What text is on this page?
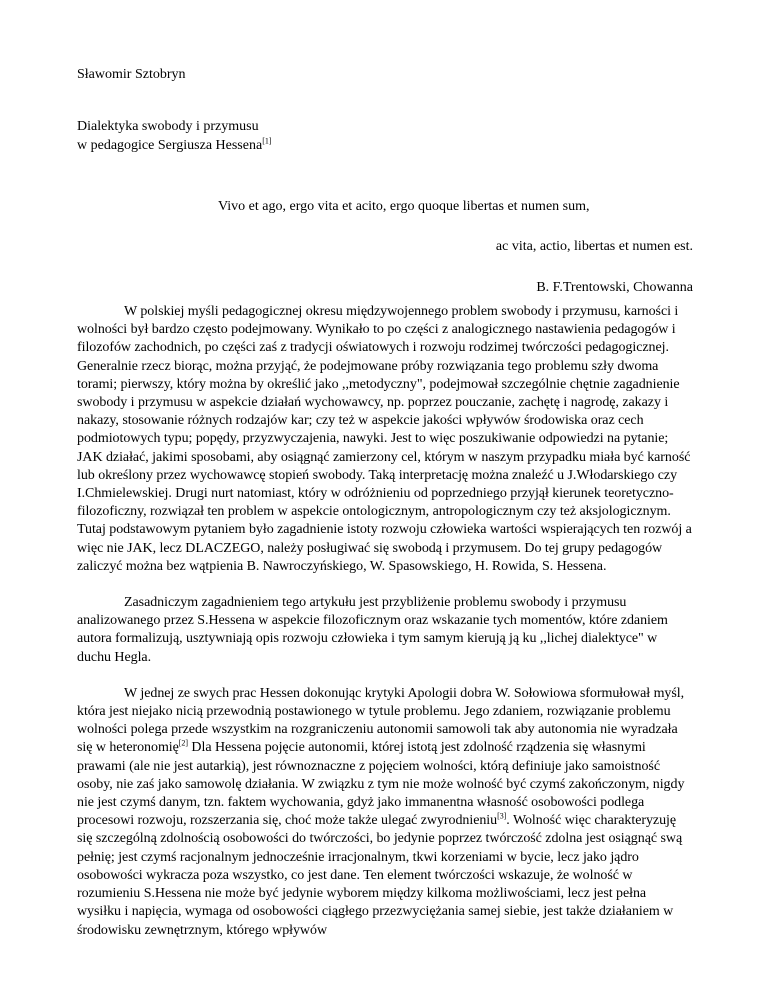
Sławomir Sztobryn

Dialektyka swobody i przymusu
w pedagogice Sergiusza Hessena[1]
Vivo et ago, ergo vita et acito, ergo quoque libertas et numen sum,
ac vita, actio, libertas et numen est.
B. F.Trentowski, Chowanna

W polskiej myśli pedagogicznej okresu międzywojennego problem swobody i przymusu, karności i wolności był bardzo często podejmowany. Wynikało to po części z analogicznego nastawienia pedagogów i filozofów zachodnich, po części zaś z tradycji oświatowych i rozwoju rodzimej twórczości pedagogicznej. Generalnie rzecz biorąc, można przyjąć, że podejmowane próby rozwiązania tego problemu szły dwoma torami; pierwszy, który można by określić jako ,,metodyczny", podejmował szczególnie chętnie zagadnienie swobody i przymusu w aspekcie działań wychowawcy, np. poprzez pouczanie, zachętę i nagrodę, zakazy i nakazy, stosowanie różnych rodzajów kar; czy też w aspekcie jakości wpływów środowiska oraz cech podmiotowych typu; popędy, przyzwyczajenia, nawyki. Jest to więc poszukiwanie odpowiedzi na pytanie; JAK działać, jakimi sposobami, aby osiągnąć zamierzony cel, którym w naszym przypadku miała być karność lub określony przez wychowawcę stopień swobody. Taką interpretację można znaleźć u J.Włodarskiego czy I.Chmielewskiej. Drugi nurt natomiast, który w odróżnieniu od poprzedniego przyjął kierunek teoretyczno-filozoficzny, rozwiązał ten problem w aspekcie ontologicznym, antropologicznym czy też aksjologicznym. Tutaj podstawowym pytaniem było zagadnienie istoty rozwoju człowieka wartości wspierających ten rozwój a więc nie JAK, lecz DLACZEGO, należy posługiwać się swobodą i przymusem. Do tej grupy pedagogów zaliczyć można bez wątpienia B. Nawroczyńskiego, W. Spasowskiego, H. Rowida, S. Hessena.

Zasadniczym zagadnieniem tego artykułu jest przybliżenie problemu swobody i przymusu analizowanego przez S.Hessena w aspekcie filozoficznym oraz wskazanie tych momentów, które zdaniem autora formalizują, usztywniają opis rozwoju człowieka i tym samym kierują ją ku ,,lichej dialektyce" w duchu Hegla.

W jednej ze swych prac Hessen dokonując krytyki Apologii dobra W. Sołowiowa sformułował myśl, która jest niejako nicią przewodnią postawionego w tytule problemu. Jego zdaniem, rozwiązanie problemu wolności polega przede wszystkim na rozgraniczeniu autonomii samowoli tak aby autonomia nie wyradzała się w heteronomię[2] Dla Hessena pojęcie autonomii, której istotą jest zdolność rządzenia się własnymi prawami (ale nie jest autarkią), jest równoznaczne z pojęciem wolności, którą definiuje jako samoistność osoby, nie zaś jako samowolę działania. W związku z tym nie może wolność być czymś zakończonym, nigdy nie jest czymś danym, tzn. faktem wychowania, gdyż jako immanentna własność osobowości podlega procesowi rozwoju, rozszerzania się, choć może także ulegać zwyrodnieniu[3]. Wolność więc charakteryzuję się szczególną zdolnością osobowości do twórczości, bo jedynie poprzez twórczość zdolna jest osiągnąć swą pełnię; jest czymś racjonalnym jednocześnie irracjonalnym, tkwi korzeniami w bycie, lecz jako jądro osobowości wykracza poza wszystko, co jest dane. Ten element twórczości wskazuje, że wolność w rozumieniu S.Hessena nie może być jedynie wyborem między kilkoma możliwościami, lecz jest pełna wysiłku i napięcia, wymaga od osobowości ciągłego przezwyciężania samej siebie, jest także działaniem w środowisku zewnętrznym, którego wpływów
